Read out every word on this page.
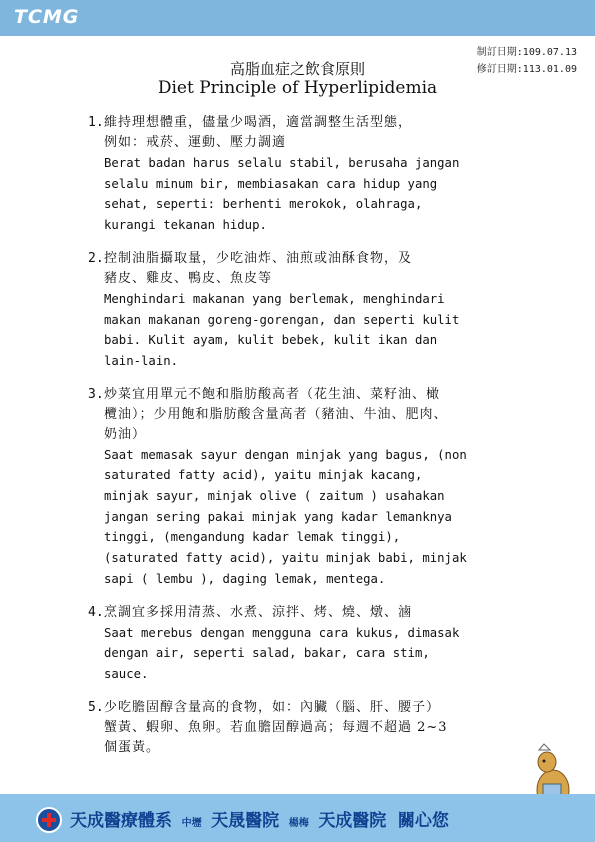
TCMG
制訂日期:109.07.13
修訂日期:113.01.09
高脂血症之飲食原則
Diet Principle of Hyperlipidemia
1. 維持理想體重，儘量少喝酒，適當調整生活型態，
例如：戒菸、運動、壓力調適
Berat badan harus selalu stabil, berusaha jangan
selalu minum bir, membiasakan cara hidup yang
sehat, seperti: berhenti merokok, olahraga,
kurangi tekanan hidup.
2. 控制油脂攝取量，少吃油炸、油煎或油酥食物，及
豬皮、雞皮、鴨皮、魚皮等
Menghindari makanan yang berlemak, menghindari
makan makanan goreng-gorengan, dan seperti kulit
babi. Kulit ayam, kulit bebek, kulit ikan dan
lain-lain.
3. 炒菜宜用單元不飽和脂肪酸高者（花生油、菜籽油、橄
欖油）；少用飽和脂肪酸含量高者（豬油、牛油、肥肉、
奶油）
Saat memasak sayur dengan minjak yang bagus, (non
saturated fatty acid), yaitu minjak kacang,
minjak sayur, minjak olive ( zaitum ) usahakan
jangan sering pakai minjak yang kadar lemanknya
tinggi, (mengandung kadar lemak tinggi),
(saturated fatty acid), yaitu minjak babi, minjak
sapi ( lembu ), daging lemak, mentega.
4. 烹調宜多採用清蒸、水煮、涼拌、烤、燒、燉、滷
Saat merebus dengan mengguna cara kukus, dimasak
dengan air, seperti salad, bakar, cara stim,
sauce.
5. 少吃膽固醇含量高的食物，如：內臟（腦、肝、腰子）
蟹黃、蝦卵、魚卵。若血膽固醇過高；每週不超過 2~3
個蛋黃。
天成醫療體系 中壢 天晟醫院 楊梅 天成醫院 關心您
